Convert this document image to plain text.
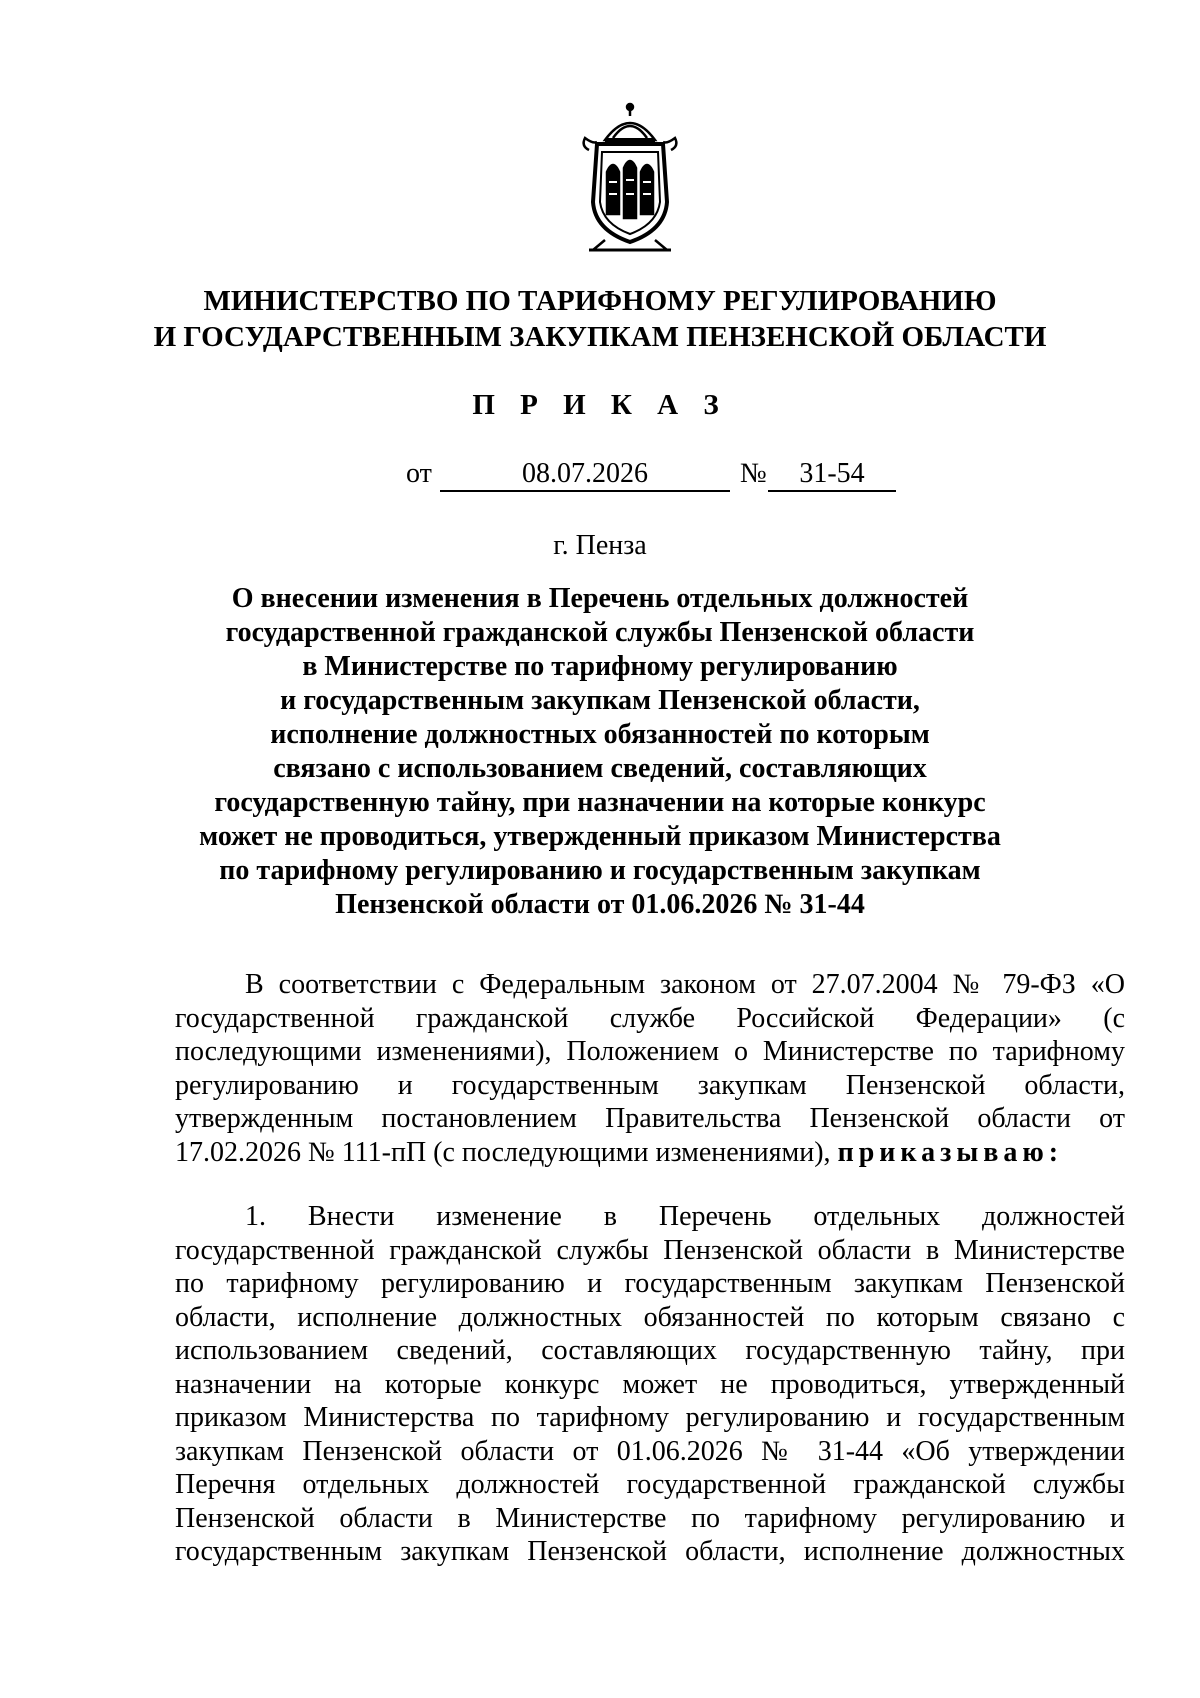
МИНИСТЕРСТВО ПО ТАРИФНОМУ РЕГУЛИРОВАНИЮ
И ГОСУДАРСТВЕННЫМ ЗАКУПКАМ ПЕНЗЕНСКОЙ ОБЛАСТИ
П Р И К А З
от	08.07.2026	№	31-54
г. Пенза
О внесении изменения в Перечень отдельных должностей
государственной гражданской службы Пензенской области
в Министерстве по тарифному регулированию
и государственным закупкам Пензенской области,
исполнение должностных обязанностей по которым
связано с использованием сведений, составляющих
государственную тайну, при назначении на которые конкурс
может не проводиться, утвержденный приказом Министерства
по тарифному регулированию и государственным закупкам
Пензенской области от 01.06.2026 № 31-44
В соответствии с Федеральным законом от 27.07.2004 № 79-ФЗ «О
государственной гражданской службе Российской Федерации» (с
последующими изменениями), Положением о Министерстве по тарифному
регулированию и государственным закупкам Пензенской области,
утвержденным постановлением Правительства Пензенской области от
17.02.2026 № 111-пП (с последующими изменениями), приказываю:
1. Внести изменение в Перечень отдельных должностей
государственной гражданской службы Пензенской области в Министерстве
по тарифному регулированию и государственным закупкам Пензенской
области, исполнение должностных обязанностей по которым связано с
использованием сведений, составляющих государственную тайну, при
назначении на которые конкурс может не проводиться, утвержденный
приказом Министерства по тарифному регулированию и государственным
закупкам Пензенской области от 01.06.2026 № 31-44 «Об утверждении
Перечня отдельных должностей государственной гражданской службы
Пензенской области в Министерстве по тарифному регулированию и
государственным закупкам Пензенской области, исполнение должностных
